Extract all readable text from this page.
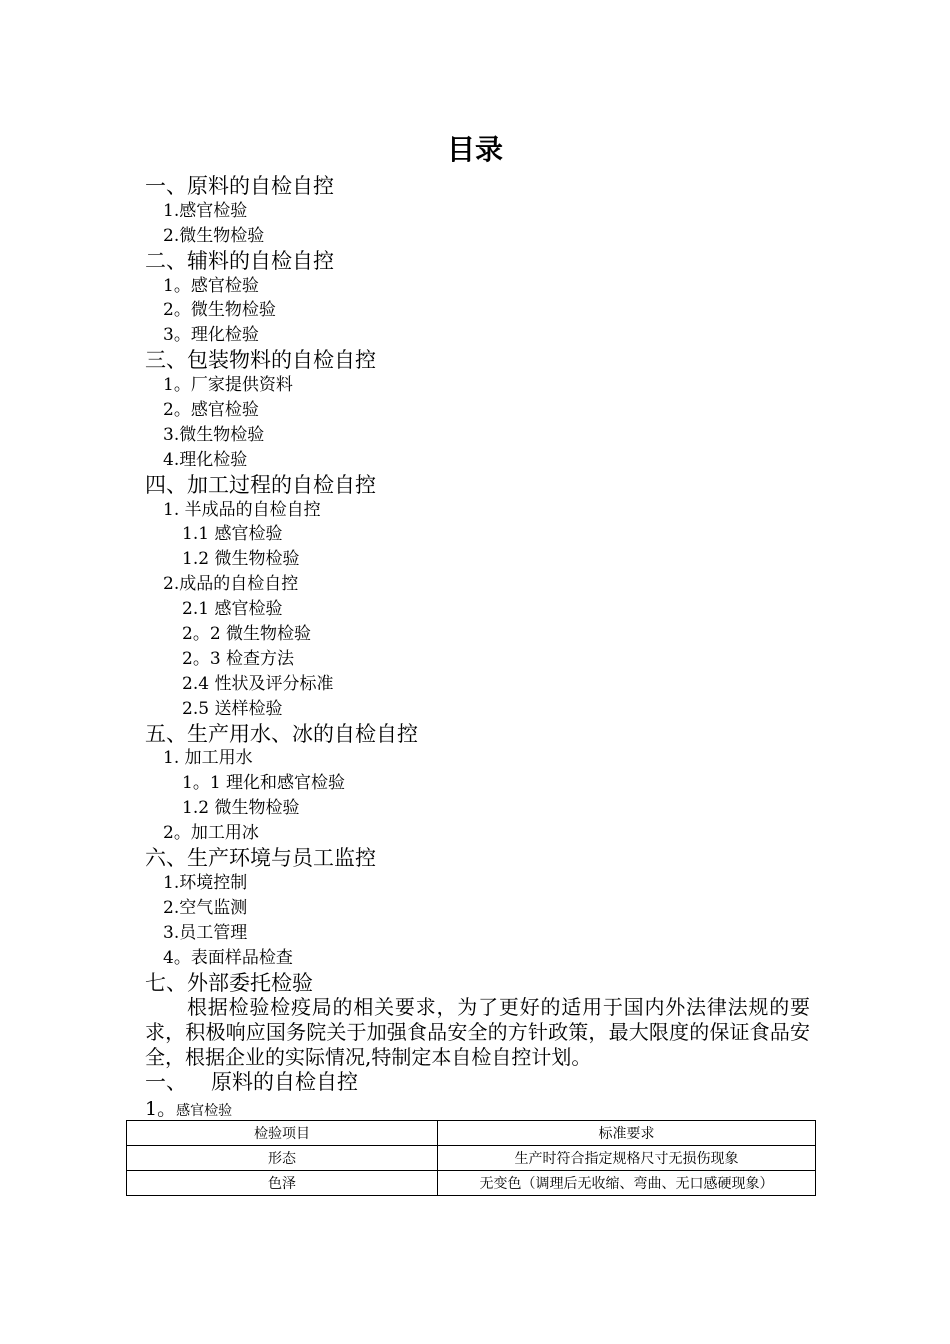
目录
一、原料的自检自控
1.感官检验
2.微生物检验
二、辅料的自检自控
1。感官检验
2。微生物检验
3。理化检验
三、包装物料的自检自控
1。厂家提供资料
2。感官检验
3.微生物检验
4.理化检验
四、加工过程的自检自控
1. 半成品的自检自控
1.1 感官检验
1.2 微生物检验
2.成品的自检自控
2.1 感官检验
2。2 微生物检验
2。3 检查方法
2.4 性状及评分标准
2.5 送样检验
五、生产用水、冰的自检自控
1. 加工用水
1。1 理化和感官检验
1.2 微生物检验
2。加工用冰
六、生产环境与员工监控
1.环境控制
2.空气监测
3.员工管理
4。表面样品检查
七、外部委托检验

根据检验检疫局的相关要求，为了更好的适用于国内外法律法规的要求，积极响应国务院关于加强食品安全的方针政策，最大限度的保证食品安全，根据企业的实际情况,特制定本自检自控计划。

一、 原料的自检自控
1。感官检验
检验项目	标准要求
形态	生产时符合指定规格尺寸无损伤现象
色泽	无变色（调理后无收缩、弯曲、无口感硬现象）
